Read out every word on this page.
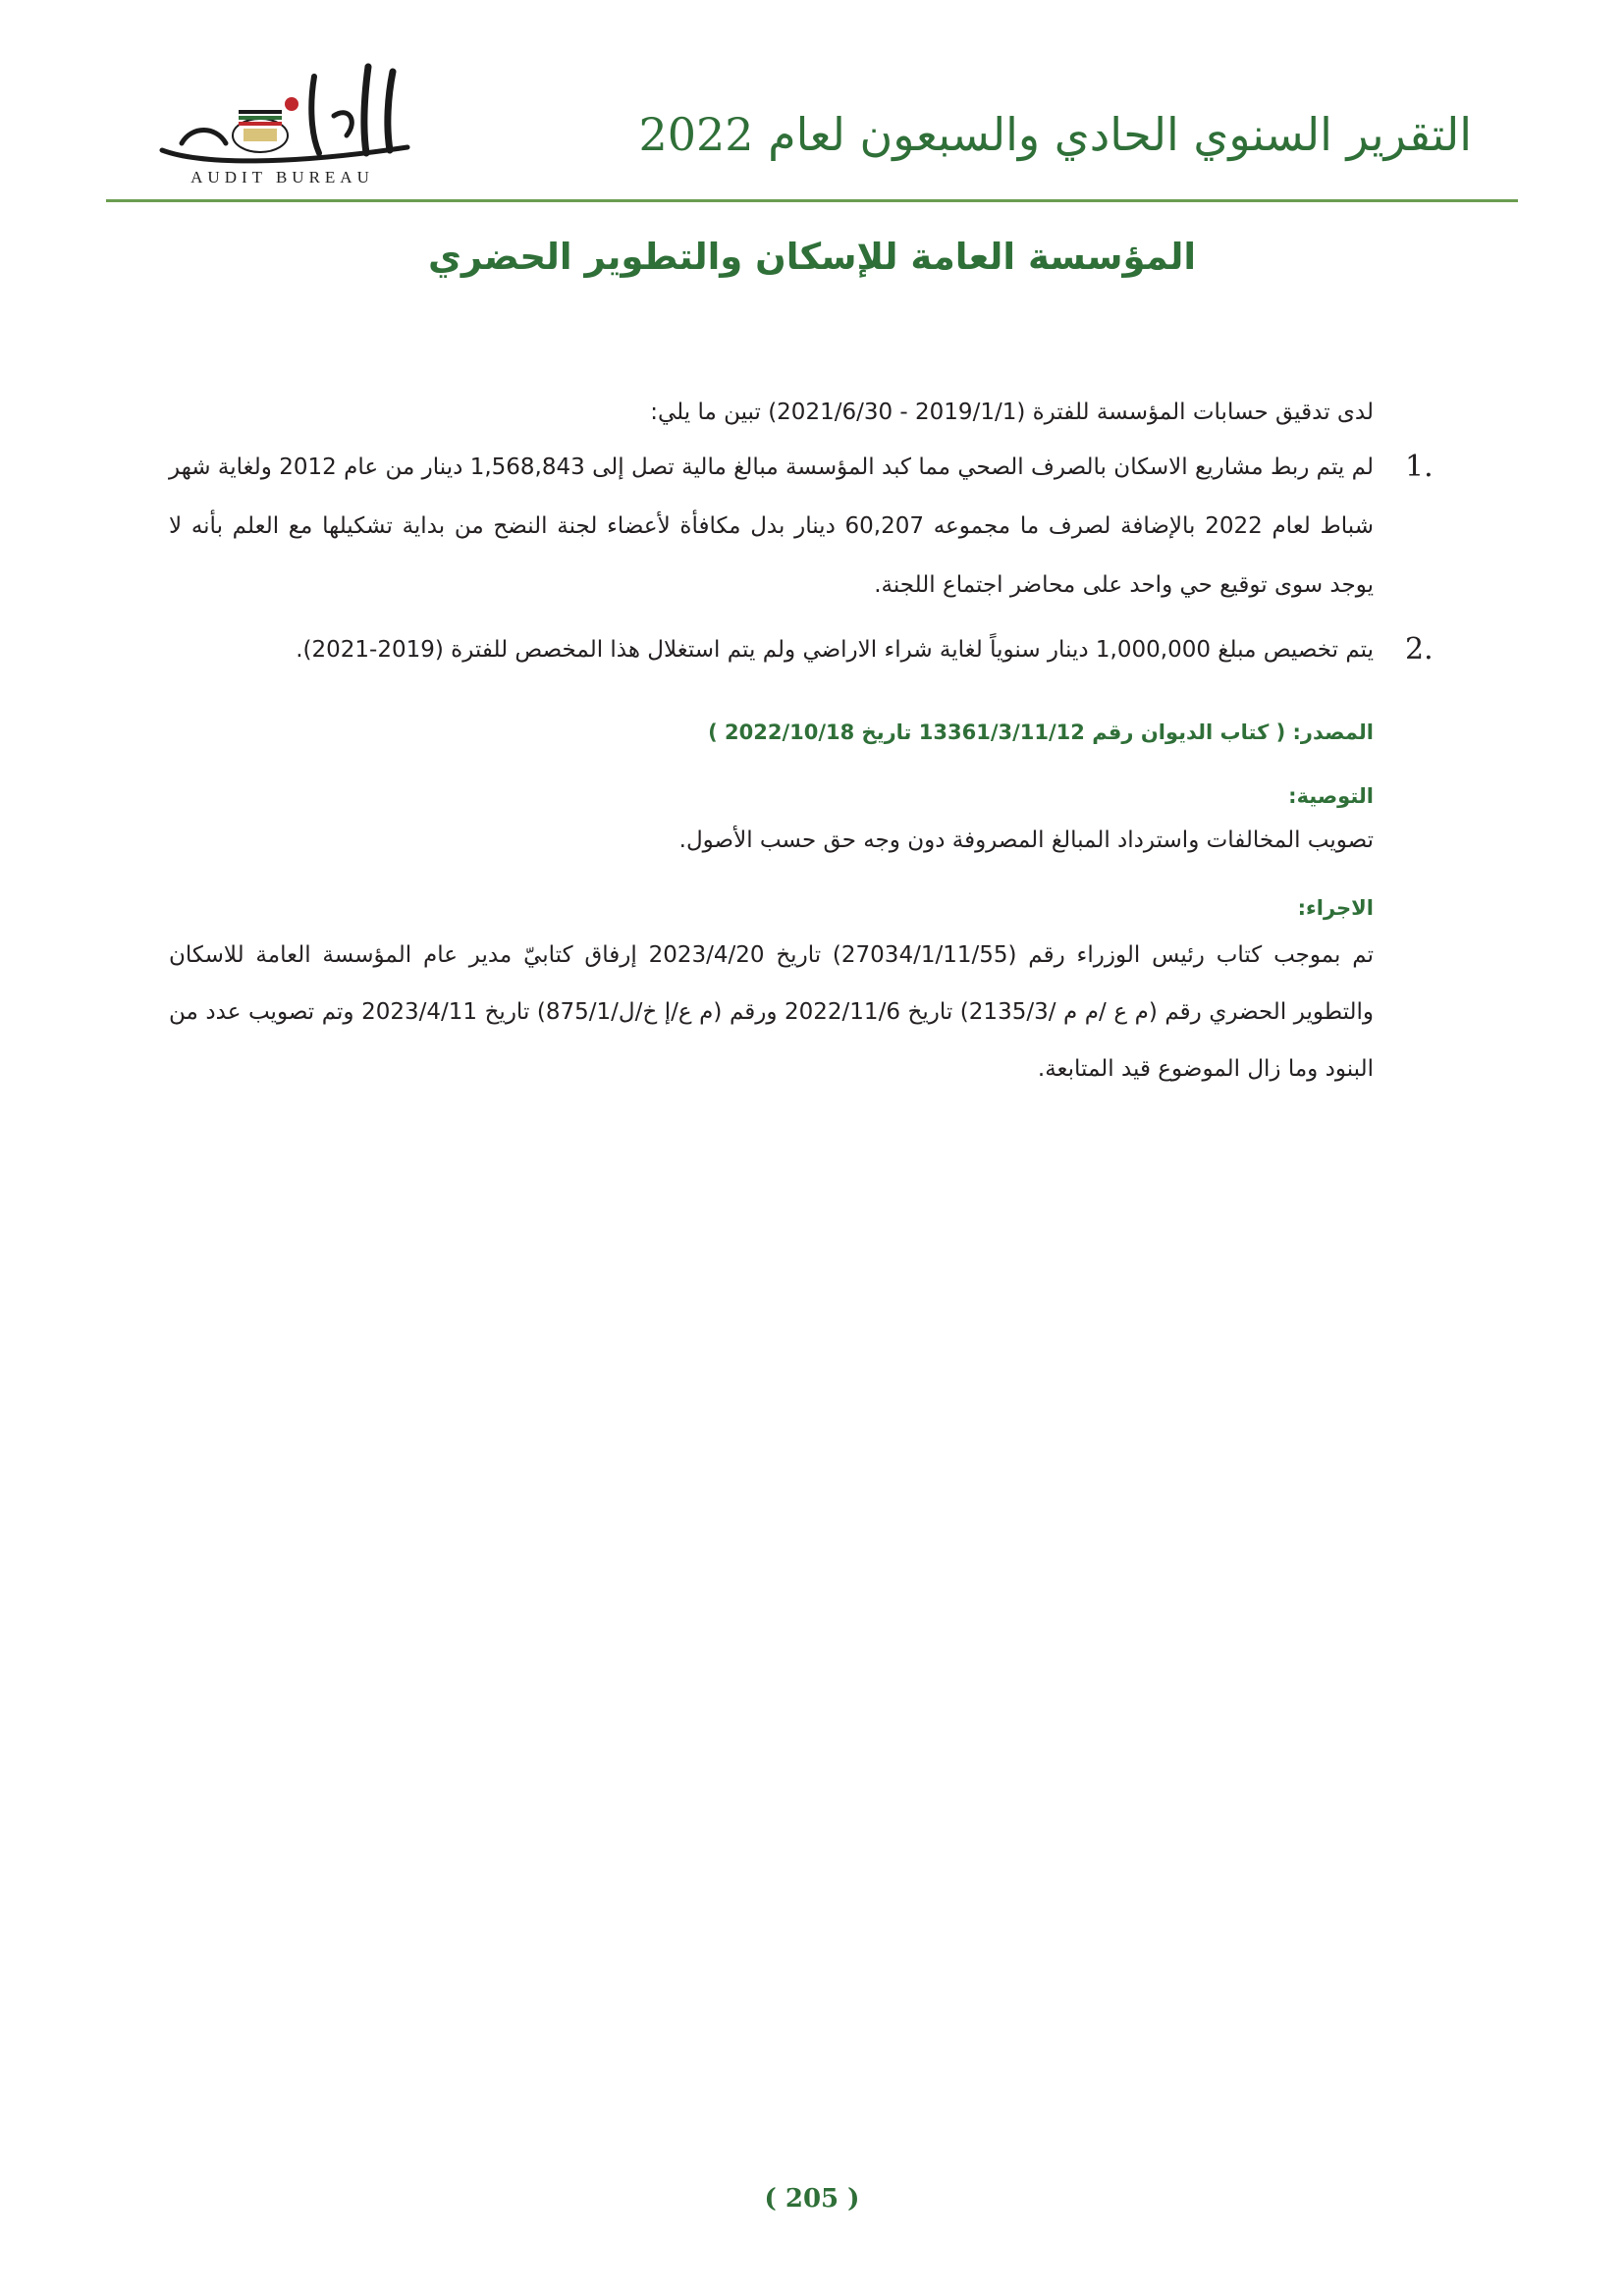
AUDIT BUREAU
التقرير السنوي الحادي والسبعون لعام 2022
المؤسسة العامة للإسكان والتطوير الحضري

لدى تدقيق حسابات المؤسسة للفترة (2019/1/1 - 2021/6/30) تبين ما يلي:

1.
لم يتم ربط مشاريع الاسكان بالصرف الصحي مما كبد المؤسسة مبالغ مالية تصل إلى 1,568,843 دينار من عام 2012 ولغاية شهر شباط لعام 2022 بالإضافة لصرف ما مجموعه 60,207 دينار بدل مكافأة لأعضاء لجنة النضح من بداية تشكيلها مع العلم بأنه لا يوجد سوى توقيع حي واحد على محاضر اجتماع اللجنة.
2.
يتم تخصيص مبلغ 1,000,000 دينار سنوياً لغاية شراء الاراضي ولم يتم استغلال هذا المخصص للفترة (2019-2021).
المصدر: ( كتاب الديوان رقم 13361/3/11/12 تاريخ 2022/10/18 )
التوصية:

تصويب المخالفات واسترداد المبالغ المصروفة دون وجه حق حسب الأصول.

الاجراء:

تم بموجب كتاب رئيس الوزراء رقم (27034/1/11/55) تاريخ 2023/4/20 إرفاق كتابيّ مدير عام المؤسسة العامة للاسكان والتطوير الحضري رقم (م ع /م م /2135/3) تاريخ 2022/11/6 ورقم (م ع/إ خ/ل/875/1) تاريخ 2023/4/11 وتم تصويب عدد من البنود وما زال الموضوع قيد المتابعة.

( 205 )
